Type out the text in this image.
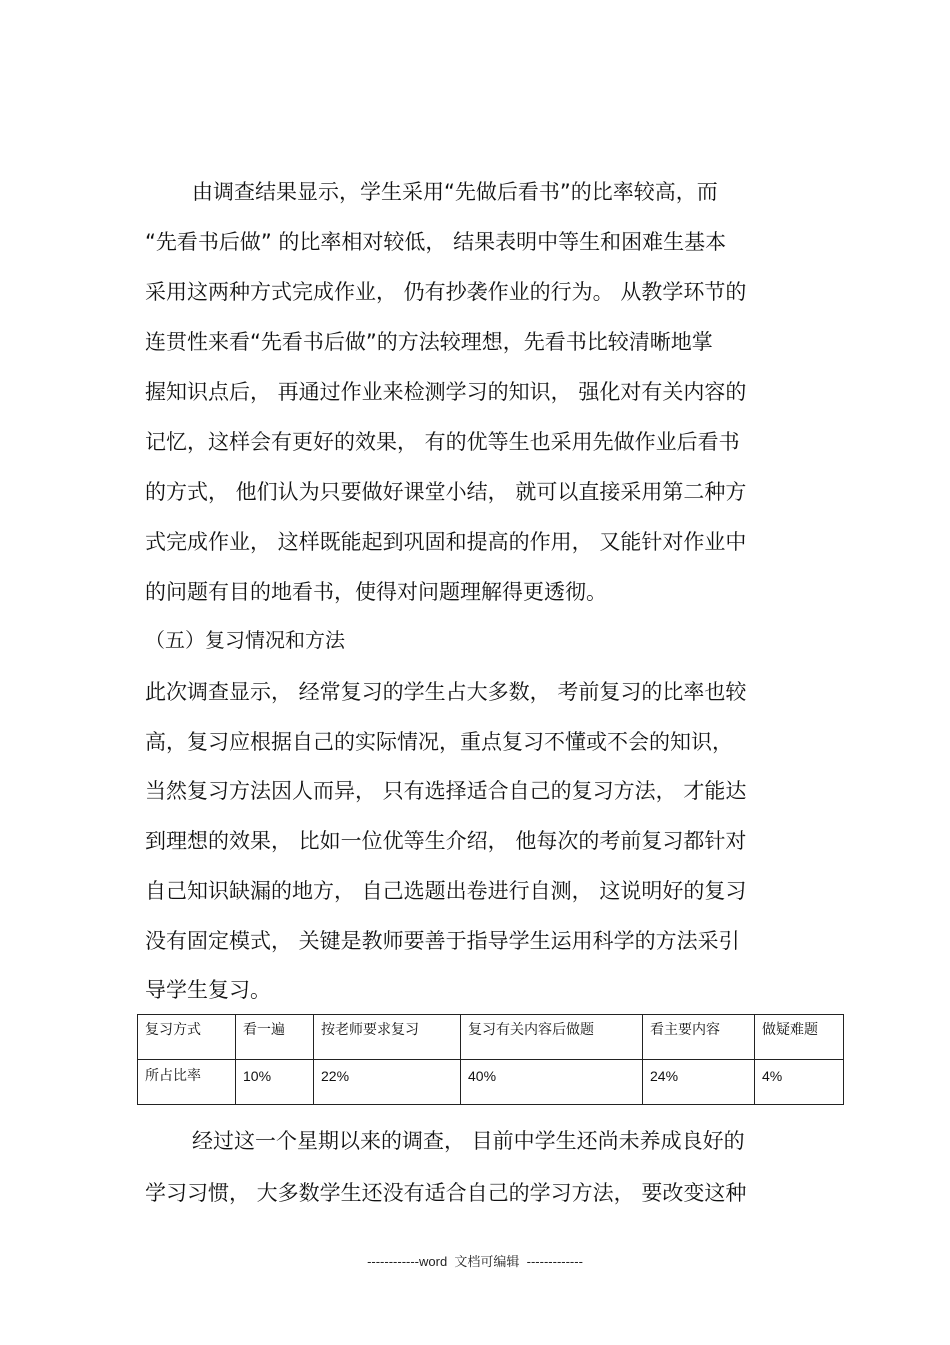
由调查结果显示，学生采用“先做后看书”的比率较高，而
“先看书后做” 的比率相对较低， 结果表明中等生和困难生基本
采用这两种方式完成作业， 仍有抄袭作业的行为。 从教学环节的
连贯性来看“先看书后做”的方法较理想，先看书比较清晰地掌
握知识点后， 再通过作业来检测学习的知识， 强化对有关内容的
记忆，这样会有更好的效果， 有的优等生也采用先做作业后看书
的方式， 他们认为只要做好课堂小结， 就可以直接采用第二种方
式完成作业， 这样既能起到巩固和提高的作用， 又能针对作业中
的问题有目的地看书，使得对问题理解得更透彻。
（五）复习情况和方法
此次调查显示， 经常复习的学生占大多数， 考前复习的比率也较
高，复习应根据自己的实际情况，重点复习不懂或不会的知识，
当然复习方法因人而异， 只有选择适合自己的复习方法， 才能达
到理想的效果， 比如一位优等生介绍， 他每次的考前复习都针对
自己知识缺漏的地方， 自己选题出卷进行自测， 这说明好的复习
没有固定模式， 关键是教师要善于指导学生运用科学的方法采引
导学生复习。
复习方式	看一遍	按老师要求复习	复习有关内容后做题	看主要内容	做疑难题
所占比率	10%	22%	40%	24%	4%
经过这一个星期以来的调查， 目前中学生还尚未养成良好的
学习习惯， 大多数学生还没有适合自己的学习方法， 要改变这种
------------word  文档可编辑  -------------
